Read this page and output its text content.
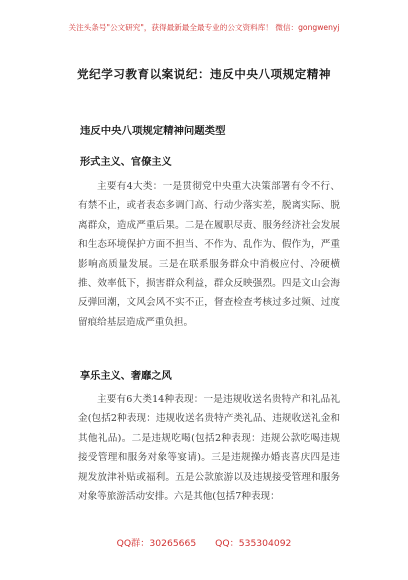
关注头条号"公文研究"，获得最新最全最专业的公文资料库！ 微信：gongwenyj
党纪学习教育以案说纪：违反中央八项规定精神
违反中央八项规定精神问题类型
形式主义、官僚主义
主要有4大类：一是贯彻党中央重大决策部署有令不行、有禁不止，或者表态多调门高、行动少落实差，脱离实际、脱离群众，造成严重后果。二是在履职尽责、服务经济社会发展和生态环境保护方面不担当、不作为、乱作为、假作为，严重影响高质量发展。三是在联系服务群众中消极应付、冷硬横推、效率低下，损害群众利益，群众反映强烈。四是文山会海反弹回潮，文风会风不实不正，督查检查考核过多过频、过度留痕给基层造成严重负担。
享乐主义、奢靡之风
主要有6大类14种表现：一是违规收送名贵特产和礼品礼金(包括2种表现：违规收送名贵特产类礼品、违规收送礼金和其他礼品)。二是违规吃喝(包括2种表现：违规公款吃喝违规接受管理和服务对象等宴请)。三是违规操办婚丧喜庆四是违规发放津补贴或福利。五是公款旅游以及违规接受管理和服务对象等旅游活动安排。六是其他(包括7种表现：
QQ群：30265665 QQ：535304092
